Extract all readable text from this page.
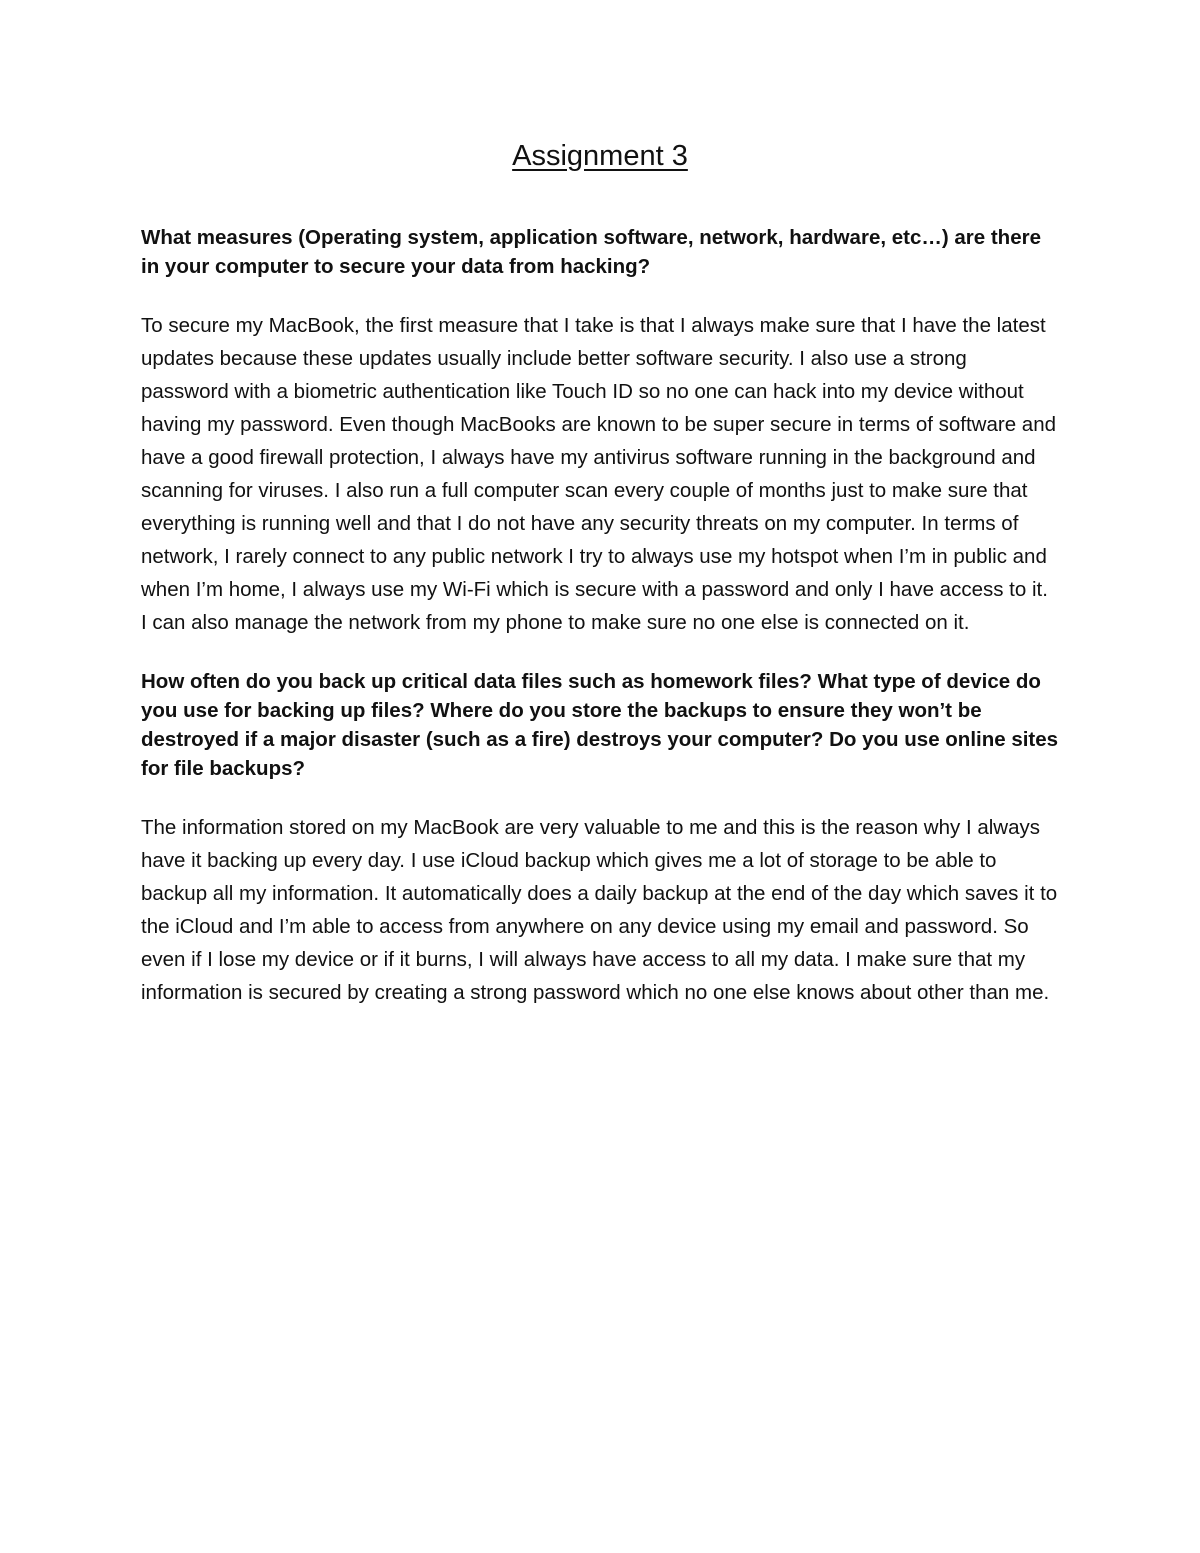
Assignment 3

What measures (Operating system, application software, network, hardware, etc…) are there in your computer to secure your data from hacking?

To secure my MacBook, the first measure that I take is that I always make sure that I have the latest updates because these updates usually include better software security. I also use a strong password with a biometric authentication like Touch ID so no one can hack into my device without having my password. Even though MacBooks are known to be super secure in terms of software and have a good firewall protection, I always have my antivirus software running in the background and scanning for viruses. I also run a full computer scan every couple of months just to make sure that everything is running well and that I do not have any security threats on my computer. In terms of network, I rarely connect to any public network I try to always use my hotspot when I’m in public and when I’m home, I always use my Wi-Fi which is secure with a password and only I have access to it. I can also manage the network from my phone to make sure no one else is connected on it.

How often do you back up critical data files such as homework files? What type of device do you use for backing up files? Where do you store the backups to ensure they won’t be destroyed if a major disaster (such as a fire) destroys your computer? Do you use online sites for file backups?

The information stored on my MacBook are very valuable to me and this is the reason why I always have it backing up every day. I use iCloud backup which gives me a lot of storage to be able to backup all my information. It automatically does a daily backup at the end of the day which saves it to the iCloud and I’m able to access from anywhere on any device using my email and password. So even if I lose my device or if it burns, I will always have access to all my data. I make sure that my information is secured by creating a strong password which no one else knows about other than me.
